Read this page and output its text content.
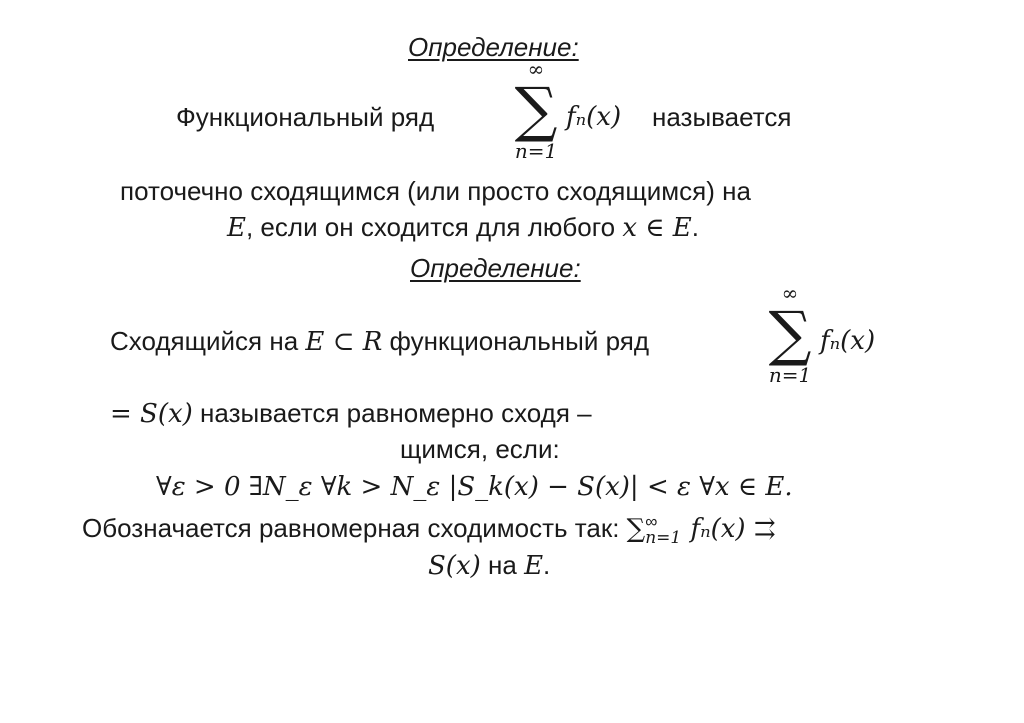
Определение:
Функциональный ряд
∞
∑
n=1
fₙ(x) называется
поточечно сходящимся (или просто сходящимся) на
E, если он сходится для любого x ∈ E.
Определение:
Сходящийся на E ⊂ R функциональный ряд
∞
∑
n=1
fₙ(x)
= S(x) называется равномерно сходя –
щимся, если:
∀ε > 0 ∃N_ε ∀k > N_ε |S_k(x) − S(x)| < ε ∀x ∈ E.
Обозначается равномерная сходимость так: ∑ ∞
n=1 fₙ(x) ⇉
S(x) на E.
